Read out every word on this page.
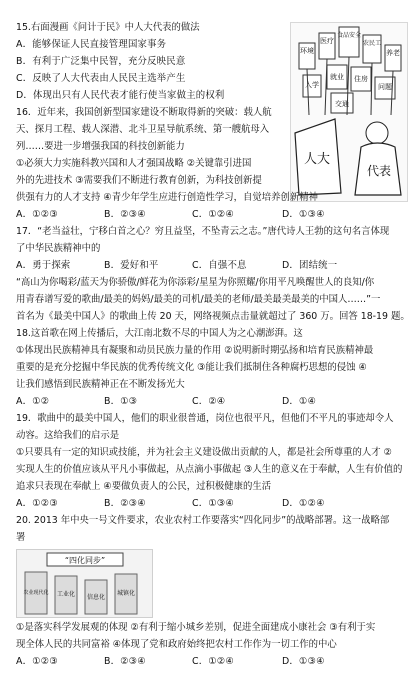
15.右面漫画《问计于民》中人大代表的做法
A．能够保证人民直接管理国家事务
B．有利于广泛集中民智，充分反映民意
C．反映了人大代表由人民民主选举产生
D．体现出只有人民代表才能行使当家做主的权利
环境
医疗
食品安全
农民工
养老
入学
就业 住房
问题
交通
人大
代表
16．近年来，我国创新型国家建设不断取得新的突破：载人航
天、探月工程、载人深潜、北斗卫星导航系统、第一艘航母入
列……要进一步增强我国的科技创新能力
①必须大力实施科教兴国和人才强国战略 ②关键靠引进国
外的先进技术 ③需要我们不断进行教育创新，为科技创新提
供强有力的人才支持 ④青少年学生应进行创造性学习，自觉培养创新精神
A．①②③	B．②③④	C．①②④	D．①③④
17．“老当益壮，宁移白首之心？穷且益坚，不坠青云之志。”唐代诗人王勃的这句名言体现
了中华民族精神中的
A．勇于探索	B．爱好和平	C．自强不息	D．团结统一
“高山为你喝彩/蓝天为你骄傲/鲜花为你添彩/星星为你照耀/你用平凡唤醒世人的良知/你
用青春谱写爱的歌曲/最美的妈妈/最美的司机/最美的老师/最美最美最美的中国人……”一
首名为《最美中国人》的歌曲上传 20 天，网络视频点击量就超过了 360 万。回答 18-19 题。
18.这首歌在网上传播后，大江南北数不尽的中国人为之心潮澎湃。这
①体现出民族精神具有凝聚和动员民族力量的作用 ②说明新时期弘扬和培育民族精神最
重要的是充分挖掘中华民族的优秀传统文化 ③能让我们抵制住各种腐朽思想的侵蚀 ④
让我们感悟到民族精神正在不断发扬光大
A．①②	B．①③	C．②④	D．①④
19．歌曲中的最美中国人，他们的职业很普通，岗位也很平凡，但他们不平凡的事迹却令人
动容。这给我们的启示是
①只要具有一定的知识或技能，并为社会主义建设做出贡献的人，都是社会所尊重的人才 ②
实现人生的价值应该从平凡小事做起，从点滴小事做起 ③人生的意义在于奉献，人生有价值的
追求只表现在奉献上 ④要做负责人的公民，过积极健康的生活
A．①②③	B．②③④	C．①③④	D．①②④
20. 2013 年中央一号文件要求，农业农村工作要落实“四化同步”的战略部署。这一战略部
署
“四化同步”
农业现代化 工业化 信息化
城镇化
①是落实科学发展观的体现 ②有利于缩小城乡差别，促进全面建成小康社会 ③有利于实
现全体人民的共同富裕 ④体现了党和政府始终把农村工作作为一切工作的中心
A．①②③	B．②③④	C．①②④	D．①③④
